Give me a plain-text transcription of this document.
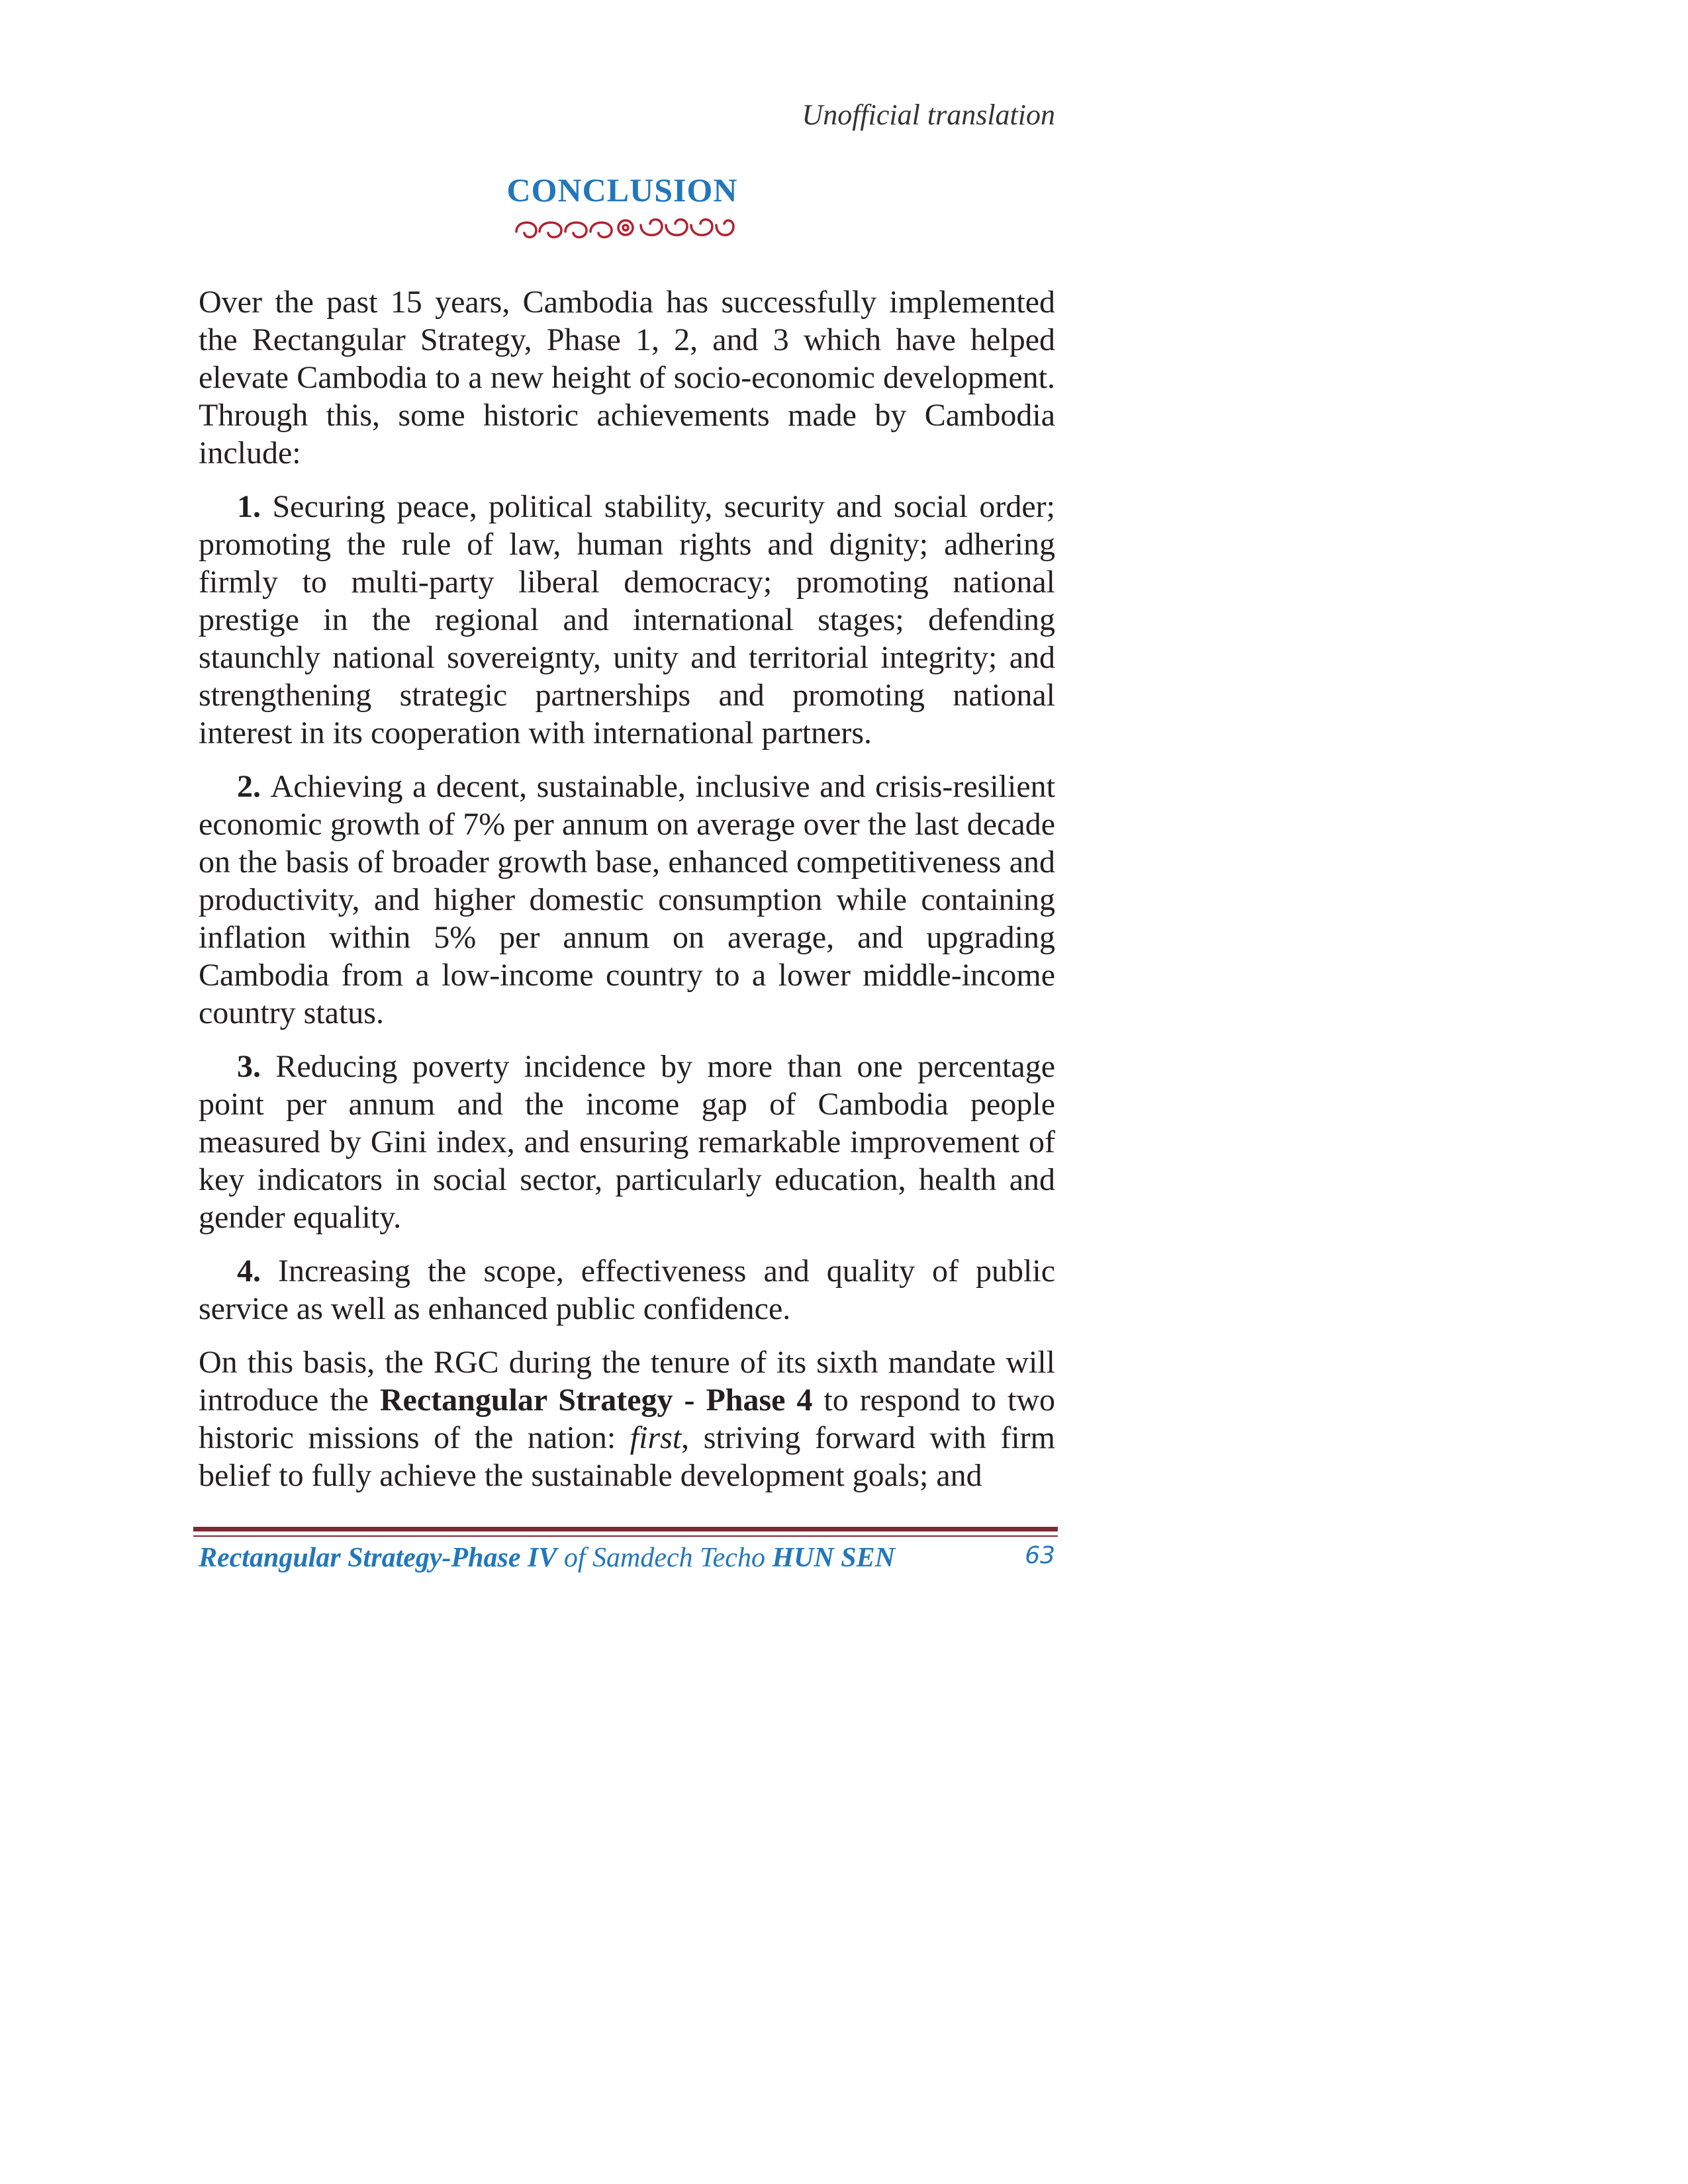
Unofficial translation
CONCLUSION

Over the past 15 years, Cambodia has successfully implemented the Rectangular Strategy, Phase 1, 2, and 3 which have helped elevate Cambodia to a new height of socio-economic development. Through this, some historic achievements made by Cambodia include:

1. Securing peace, political stability, security and social order; promoting the rule of law, human rights and dignity; adhering firmly to multi-party liberal democracy; promoting national prestige in the regional and international stages; defending staunchly national sovereignty, unity and territorial integrity; and strengthening strategic partnerships and promoting national interest in its cooperation with international partners.

2. Achieving a decent, sustainable, inclusive and crisis-resilient economic growth of 7% per annum on average over the last decade on the basis of broader growth base, enhanced competitiveness and productivity, and higher domestic consumption while containing inflation within 5% per annum on average, and upgrading Cambodia from a low-income country to a lower middle-income country status.

3. Reducing poverty incidence by more than one percentage point per annum and the income gap of Cambodia people measured by Gini index, and ensuring remarkable improvement of key indicators in social sector, particularly education, health and gender equality.

4. Increasing the scope, effectiveness and quality of public service as well as enhanced public confidence.

On this basis, the RGC during the tenure of its sixth mandate will introduce the Rectangular Strategy - Phase 4 to respond to two historic missions of the nation: first, striving forward with firm belief to fully achieve the sustainable development goals; and

Rectangular Strategy-Phase IV of Samdech Techo HUN SEN	63
